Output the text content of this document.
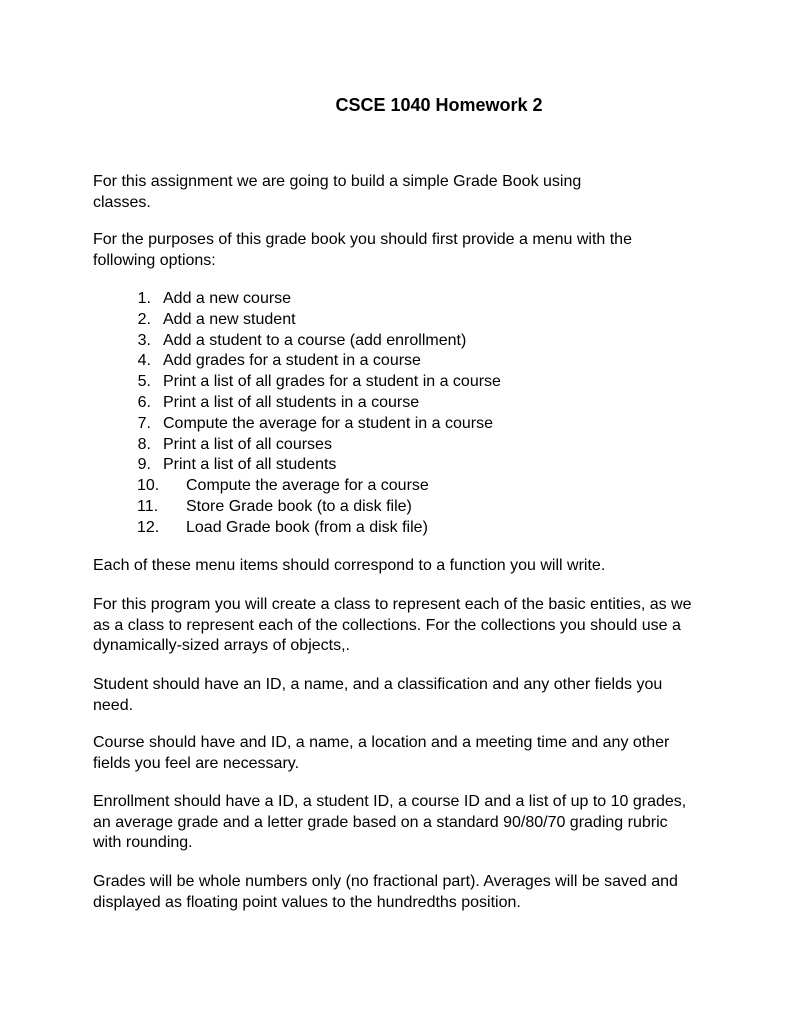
CSCE 1040 Homework 2
For this assignment we are going to build a simple Grade Book using
classes.
For the purposes of this grade book you should first provide a menu with the
following options:
1. Add a new course
2. Add a new student
3. Add a student to a course (add enrollment)
4. Add grades for a student in a course
5. Print a list of all grades for a student in a course
6. Print a list of all students in a course
7. Compute the average for a student in a course
8. Print a list of all courses
9. Print a list of all students
10.	Compute the average for a course
11.	Store Grade book (to a disk file)
12.	Load Grade book (from a disk file)
Each of these menu items should correspond to a function you will write.
For this program you will create a class to represent each of the basic entities, as we
as a class to represent each of the collections. For the collections you should use a
dynamically-sized arrays of objects,.
Student should have an ID, a name, and a classification and any other fields you
need.
Course should have and ID, a name, a location and a meeting time and any other
fields you feel are necessary.
Enrollment should have a ID, a student ID, a course ID and a list of up to 10 grades,
an average grade and a letter grade based on a standard 90/80/70 grading rubric
with rounding.
Grades will be whole numbers only (no fractional part). Averages will be saved and
displayed as floating point values to the hundredths position.
